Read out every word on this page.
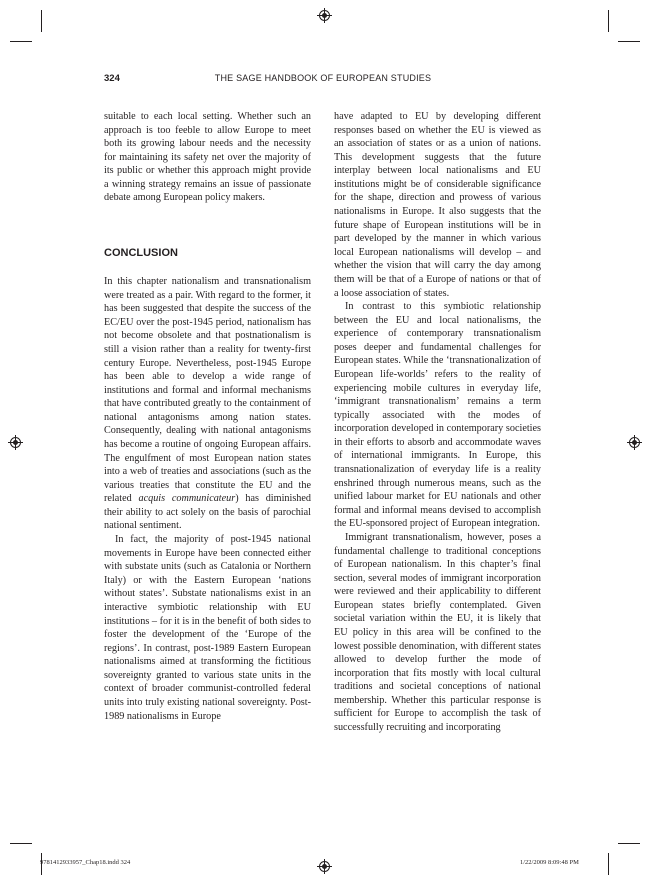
324	THE SAGE HANDBOOK OF EUROPEAN STUDIES

suitable to each local setting. Whether such an approach is too feeble to allow Europe to meet both its growing labour needs and the necessity for maintaining its safety net over the majority of its public or whether this approach might provide a winning strategy remains an issue of passionate debate among European policy makers.

CONCLUSION

In this chapter nationalism and transnationalism were treated as a pair. With regard to the former, it has been suggested that despite the success of the EC/EU over the post-1945 period, nationalism has not become obsolete and that postnationalism is still a vision rather than a reality for twenty-first century Europe. Nevertheless, post-1945 Europe has been able to develop a wide range of institutions and formal and informal mechanisms that have contributed greatly to the containment of national antagonisms among nation states. Consequently, dealing with national antagonisms has become a routine of ongoing European affairs. The engulfment of most European nation states into a web of treaties and associations (such as the various treaties that constitute the EU and the related acquis communicateur) has diminished their ability to act solely on the basis of parochial national sentiment.

In fact, the majority of post-1945 national movements in Europe have been connected either with substate units (such as Catalonia or Northern Italy) or with the Eastern European ‘nations without states’. Substate nationalisms exist in an interactive symbiotic relationship with EU institutions – for it is in the benefit of both sides to foster the development of the ‘Europe of the regions’. In contrast, post-1989 Eastern European nationalisms aimed at transforming the fictitious sovereignty granted to various state units in the context of broader communist-controlled federal units into truly existing national sovereignty. Post-1989 nationalisms in Europe

have adapted to EU by developing different responses based on whether the EU is viewed as an association of states or as a union of nations. This development suggests that the future interplay between local nationalisms and EU institutions might be of considerable significance for the shape, direction and prowess of various nationalisms in Europe. It also suggests that the future shape of European institutions will be in part developed by the manner in which various local European nationalisms will develop – and whether the vision that will carry the day among them will be that of a Europe of nations or that of a loose association of states.

In contrast to this symbiotic relationship between the EU and local nationalisms, the experience of contemporary transnationalism poses deeper and fundamental challenges for European states. While the ‘transnationalization of European life-worlds’ refers to the reality of experiencing mobile cultures in everyday life, ‘immigrant transnationalism’ remains a term typically associated with the modes of incorporation developed in contemporary societies in their efforts to absorb and accommodate waves of international immigrants. In Europe, this transnationalization of everyday life is a reality enshrined through numerous means, such as the unified labour market for EU nationals and other formal and informal means devised to accomplish the EU-sponsored project of European integration.

Immigrant transnationalism, however, poses a fundamental challenge to traditional conceptions of European nationalism. In this chapter’s final section, several modes of immigrant incorporation were reviewed and their applicability to different European states briefly contemplated. Given societal variation within the EU, it is likely that EU policy in this area will be confined to the lowest possible denomination, with different states allowed to develop further the mode of incorporation that fits mostly with local cultural traditions and societal conceptions of national membership. Whether this particular response is sufficient for Europe to accomplish the task of successfully recruiting and incorporating

9781412933957_Chap18.indd 324	1/22/2009 8:09:48 PM
